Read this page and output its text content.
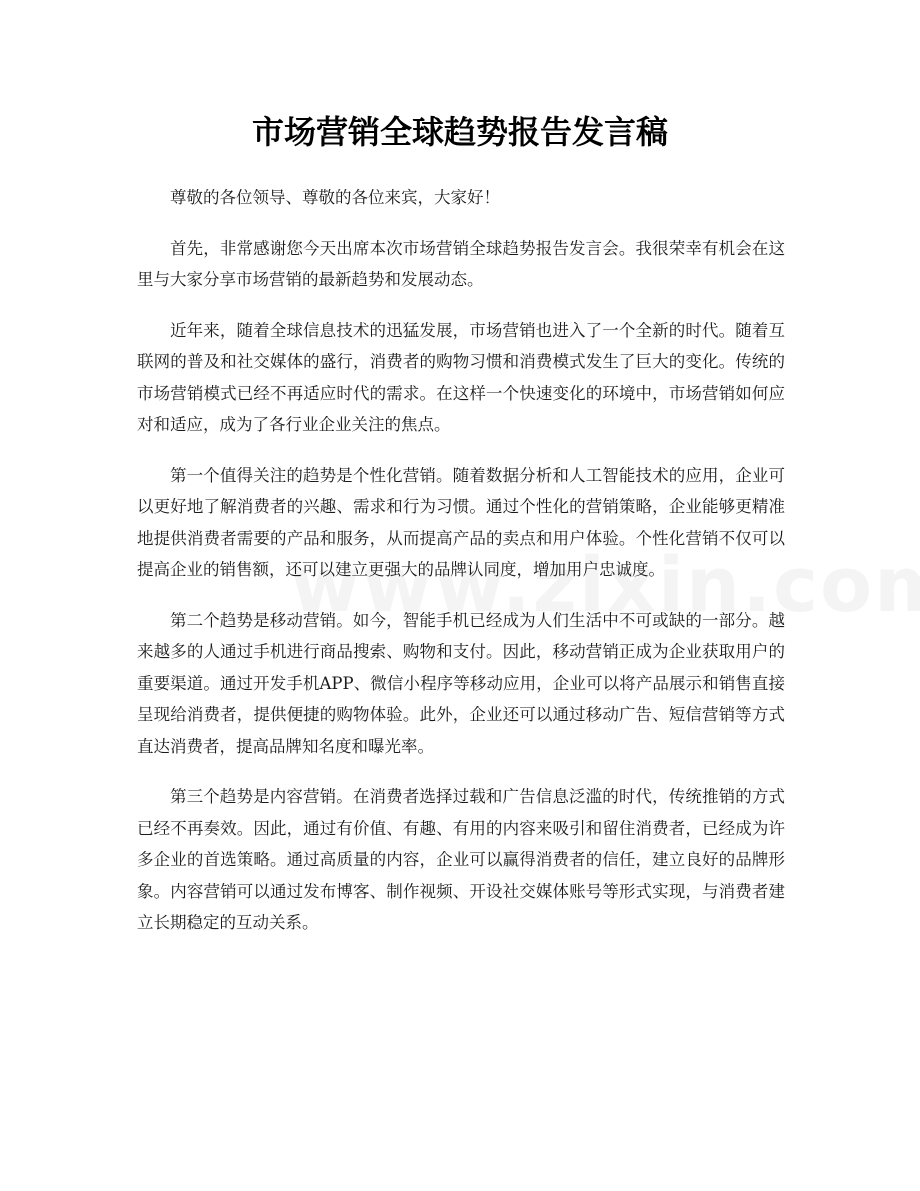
市场营销全球趋势报告发言稿

尊敬的各位领导、尊敬的各位来宾，大家好！

首先，非常感谢您今天出席本次市场营销全球趋势报告发言会。我很荣幸有机会在这里与大家分享市场营销的最新趋势和发展动态。

近年来，随着全球信息技术的迅猛发展，市场营销也进入了一个全新的时代。随着互联网的普及和社交媒体的盛行，消费者的购物习惯和消费模式发生了巨大的变化。传统的市场营销模式已经不再适应时代的需求。在这样一个快速变化的环境中，市场营销如何应对和适应，成为了各行业企业关注的焦点。

第一个值得关注的趋势是个性化营销。随着数据分析和人工智能技术的应用，企业可以更好地了解消费者的兴趣、需求和行为习惯。通过个性化的营销策略，企业能够更精准地提供消费者需要的产品和服务，从而提高产品的卖点和用户体验。个性化营销不仅可以提高企业的销售额，还可以建立更强大的品牌认同度，增加用户忠诚度。

第二个趋势是移动营销。如今，智能手机已经成为人们生活中不可或缺的一部分。越来越多的人通过手机进行商品搜索、购物和支付。因此，移动营销正成为企业获取用户的重要渠道。通过开发手机APP、微信小程序等移动应用，企业可以将产品展示和销售直接呈现给消费者，提供便捷的购物体验。此外，企业还可以通过移动广告、短信营销等方式直达消费者，提高品牌知名度和曝光率。

第三个趋势是内容营销。在消费者选择过载和广告信息泛滥的时代，传统推销的方式已经不再奏效。因此，通过有价值、有趣、有用的内容来吸引和留住消费者，已经成为许多企业的首选策略。通过高质量的内容，企业可以赢得消费者的信任，建立良好的品牌形象。内容营销可以通过发布博客、制作视频、开设社交媒体账号等形式实现，与消费者建立长期稳定的互动关系。
